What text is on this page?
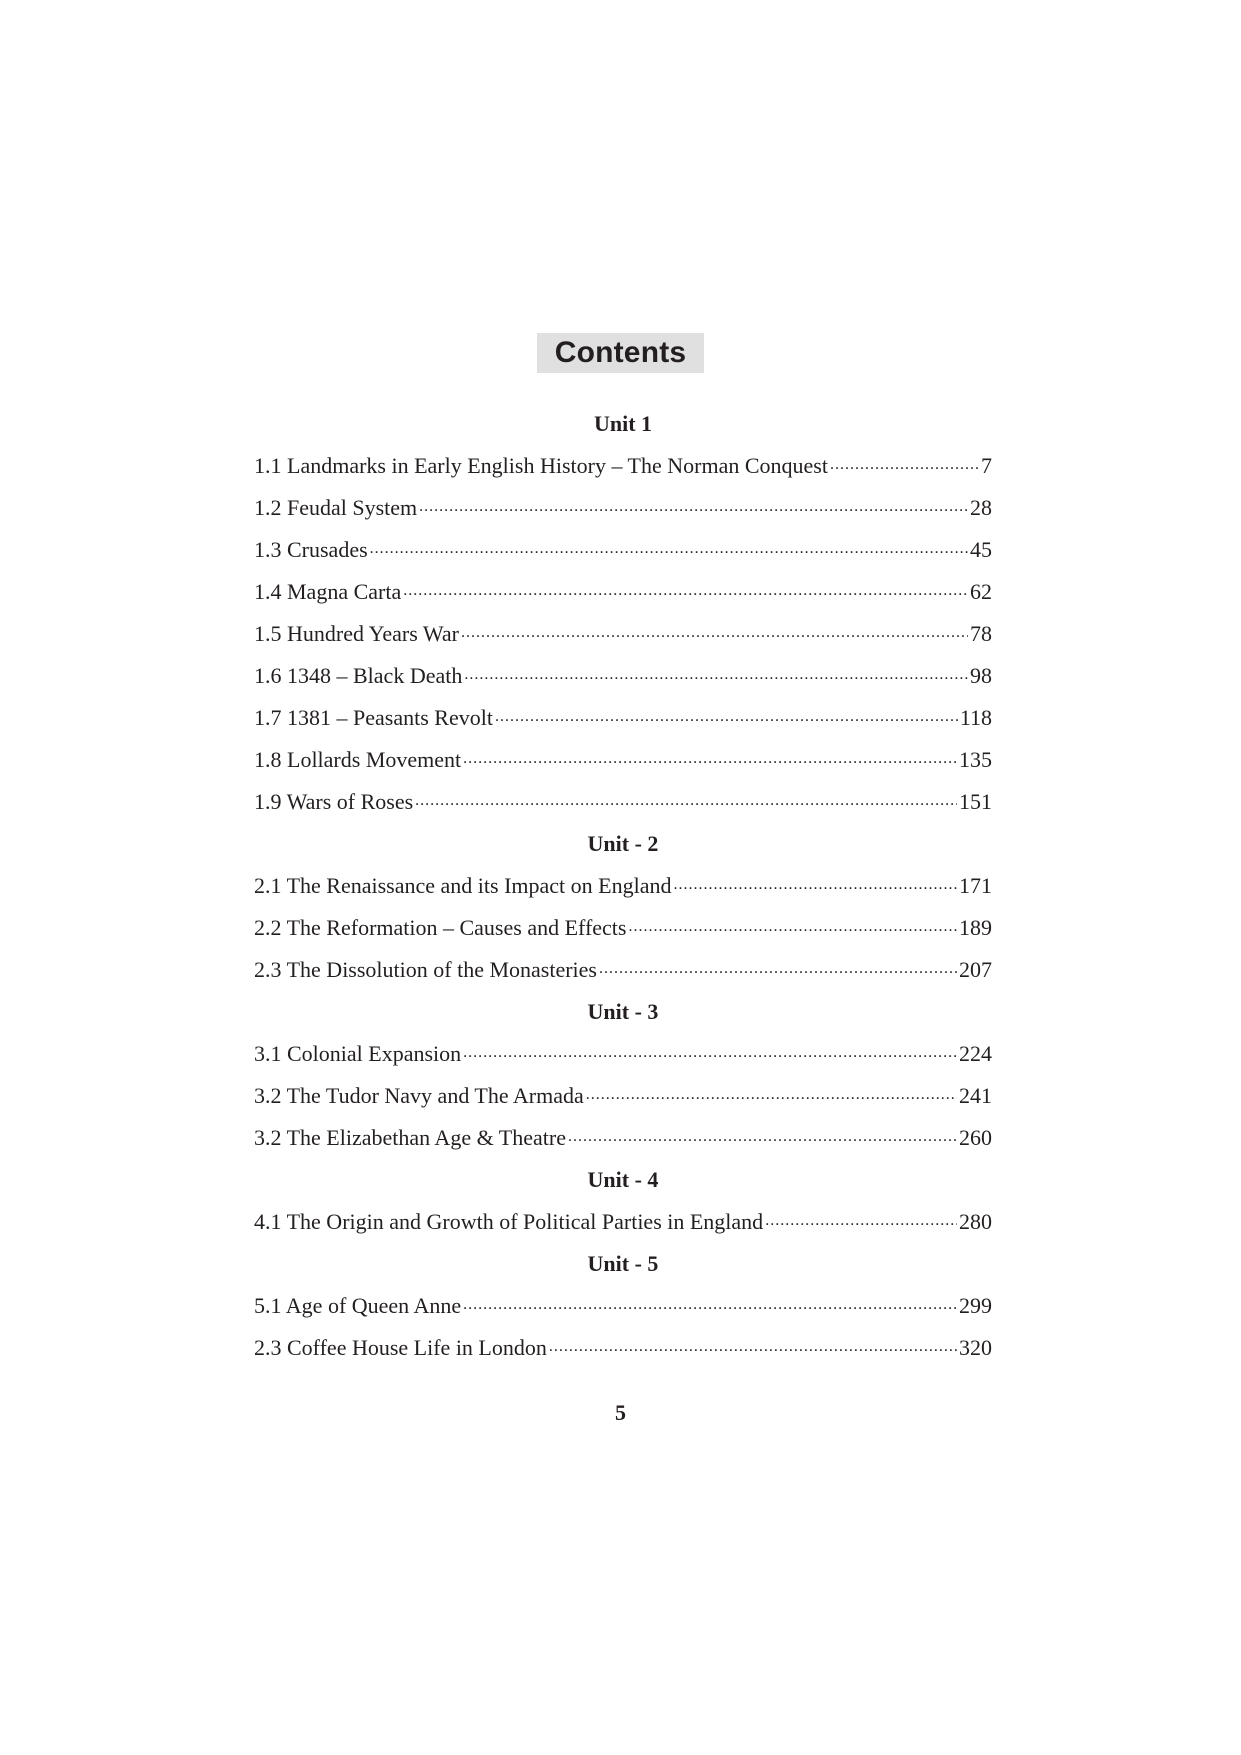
Contents
Unit 1
1.1 Landmarks in Early English History – The Norman Conquest . . .	7
1.2 Feudal System . . .	28
1.3 Crusades . . .	45
1.4 Magna Carta . . .	62
1.5 Hundred Years War . . .	78
1.6 1348 – Black Death . . .	98
1.7 1381 – Peasants Revolt . . .	118
1.8 Lollards Movement . . .	135
1.9 Wars of Roses . . .	151
Unit - 2
2.1 The Renaissance and its Impact on England . . .	171
2.2 The Reformation – Causes and Effects . . .	189
2.3 The Dissolution of the Monasteries . . .	207
Unit - 3
3.1 Colonial Expansion . . .	224
3.2 The Tudor Navy and The Armada . . .	241
3.2 The Elizabethan Age & Theatre . . .	260
Unit - 4
4.1 The Origin and Growth of Political Parties in England . . .	280
Unit - 5
5.1 Age of Queen Anne . . .	299
2.3 Coffee House Life in London . . .	320
5
